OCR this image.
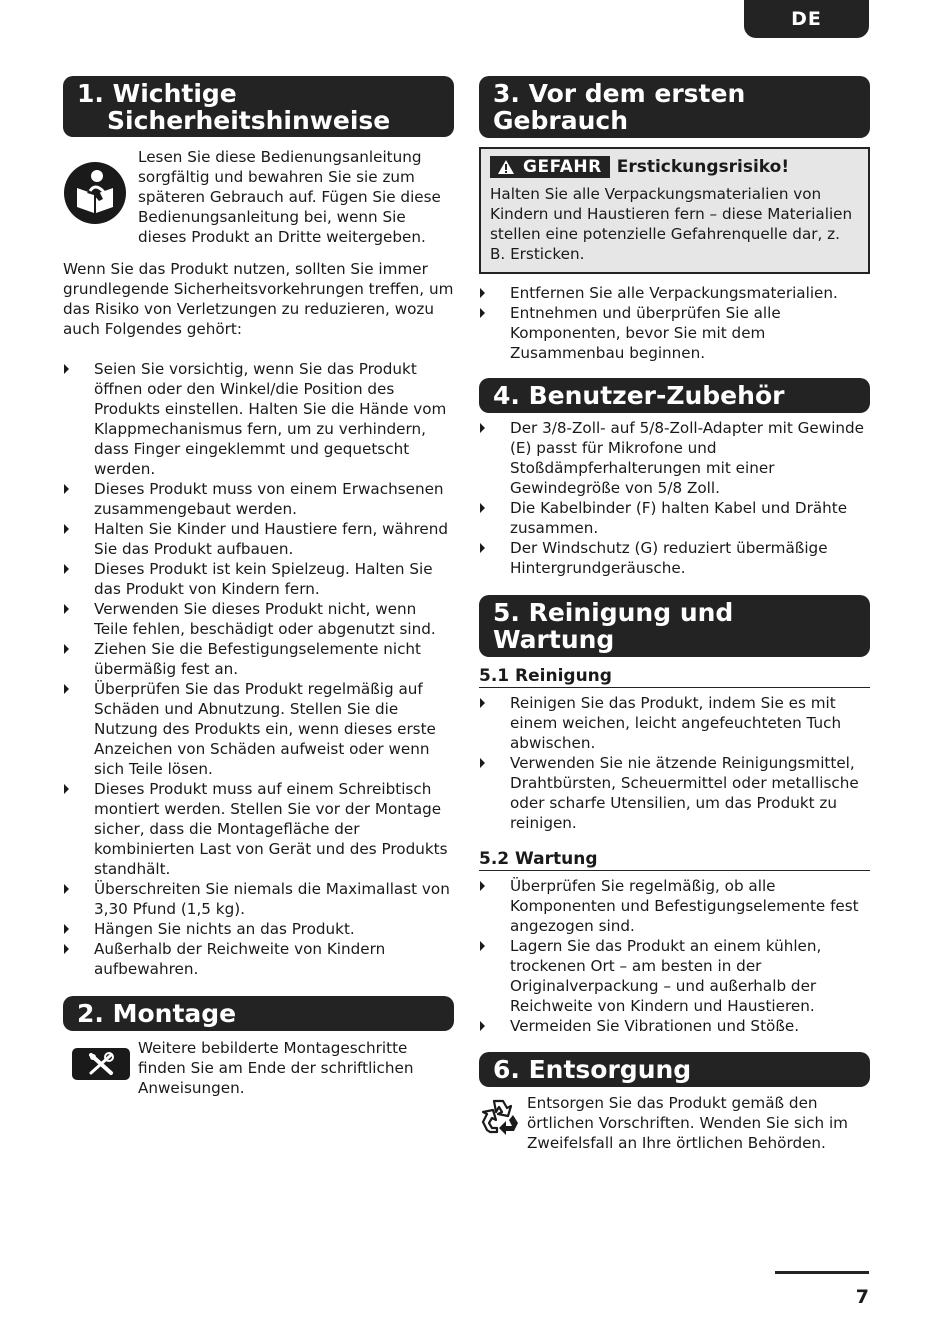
DE
1. Wichtige
Sicherheitshinweise

Lesen Sie diese Bedienungsanleitung sorgfältig und bewahren Sie sie zum späteren Gebrauch auf. Fügen Sie diese Bedienungsanleitung bei, wenn Sie dieses Produkt an Dritte weitergeben.

Wenn Sie das Produkt nutzen, sollten Sie immer grundlegende Sicherheitsvorkehrungen treffen, um das Risiko von Verletzungen zu reduzieren, wozu auch Folgendes gehört:

Seien Sie vorsichtig, wenn Sie das Produkt öffnen oder den Winkel/die Position des Produkts einstellen. Halten Sie die Hände vom Klappmechanismus fern, um zu verhindern, dass Finger eingeklemmt und gequetscht werden.
Dieses Produkt muss von einem Erwachsenen zusammengebaut werden.
Halten Sie Kinder und Haustiere fern, während Sie das Produkt aufbauen.
Dieses Produkt ist kein Spielzeug. Halten Sie das Produkt von Kindern fern.
Verwenden Sie dieses Produkt nicht, wenn Teile fehlen, beschädigt oder abgenutzt sind.
Ziehen Sie die Befestigungselemente nicht übermäßig fest an.
Überprüfen Sie das Produkt regelmäßig auf Schäden und Abnutzung. Stellen Sie die Nutzung des Produkts ein, wenn dieses erste Anzeichen von Schäden aufweist oder wenn sich Teile lösen.
Dieses Produkt muss auf einem Schreibtisch montiert werden. Stellen Sie vor der Montage sicher, dass die Montagefläche der kombinierten Last von Gerät und des Produkts standhält.
Überschreiten Sie niemals die Maximallast von 3,30 Pfund (1,5 kg).
Hängen Sie nichts an das Produkt.
Außerhalb der Reichweite von Kindern aufbewahren.
2. Montage

Weitere bebilderte Montageschritte finden Sie am Ende der schriftlichen Anweisungen.

3. Vor dem ersten Gebrauch
GEFAHR Erstickungsrisiko!

Halten Sie alle Verpackungsmaterialien von Kindern und Haustieren fern – diese Materialien stellen eine potenzielle Gefahrenquelle dar, z. B. Ersticken.

Entfernen Sie alle Verpackungsmaterialien.
Entnehmen und überprüfen Sie alle Komponenten, bevor Sie mit dem Zusammenbau beginnen.
4. Benutzer-Zubehör
Der 3/8-Zoll- auf 5/8-Zoll-Adapter mit Gewinde (E) passt für Mikrofone und Stoßdämpferhalterungen mit einer Gewindegröße von 5/8 Zoll.
Die Kabelbinder (F) halten Kabel und Drähte zusammen.
Der Windschutz (G) reduziert übermäßige Hintergrundgeräusche.
5. Reinigung und Wartung
5.1 Reinigung
Reinigen Sie das Produkt, indem Sie es mit einem weichen, leicht angefeuchteten Tuch abwischen.
Verwenden Sie nie ätzende Reinigungsmittel, Drahtbürsten, Scheuermittel oder metallische oder scharfe Utensilien, um das Produkt zu reinigen.
5.2 Wartung
Überprüfen Sie regelmäßig, ob alle Komponenten und Befestigungselemente fest angezogen sind.
Lagern Sie das Produkt an einem kühlen, trockenen Ort – am besten in der Originalverpackung – und außerhalb der Reichweite von Kindern und Haustieren.
Vermeiden Sie Vibrationen und Stöße.
6. Entsorgung

Entsorgen Sie das Produkt gemäß den örtlichen Vorschriften. Wenden Sie sich im Zweifelsfall an Ihre örtlichen Behörden.

7
